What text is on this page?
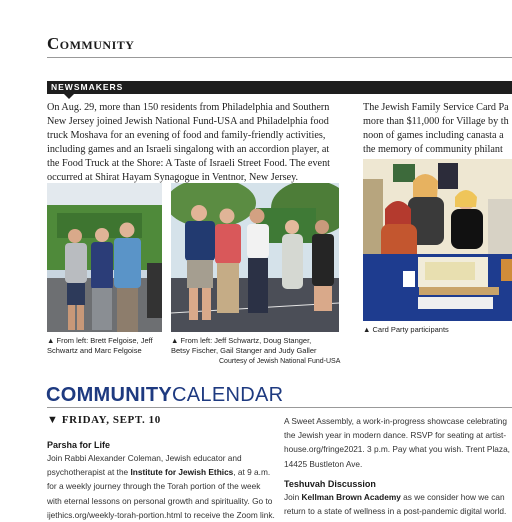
Community
NEWSMAKERS
On Aug. 29, more than 150 residents from Philadelphia and Southern
New Jersey joined Jewish National Fund-USA and Philadelphia food
truck Moshava for an evening of food and family-friendly activities,
including games and an Israeli singalong with an accordion player, at
the Food Truck at the Shore: A Taste of Israeli Street Food. The event
occurred at Shirat Hayam Synagogue in Ventnor, New Jersey.
The Jewish Family Service Card Pa
more than $11,000 for Village by th
noon of games including canasta a
the memory of community philant
▲ From left: Brett Felgoise, Jeff
Schwartz and Marc Felgoise
▲ From left: Jeff Schwartz, Doug Stanger,
Betsy Fischer, Gail Stanger and Judy Galler
Courtesy of Jewish National Fund-USA
▲ Card Party participants
COMMUNITYCALENDAR
▼ FRIDAY, SEPT. 10
Parsha for Life
Join Rabbi Alexander Coleman, Jewish educator and
psychotherapist at the Institute for Jewish Ethics, at 9 a.m.
for a weekly journey through the Torah portion of the week
with eternal lessons on personal growth and spirituality. Go to
ijethics.org/weekly-torah-portion.html to receive the Zoom link.
A Sweet Assembly, a work-in-progress showcase celebrating
the Jewish year in modern dance. RSVP for seating at artist-
house.org/fringe2021. 3 p.m. Pay what you wish. Trent Plaza,
14425 Bustleton Ave.
Teshuvah Discussion
Join Kellman Brown Academy as we consider how we can
return to a state of wellness in a post-pandemic digital world.
